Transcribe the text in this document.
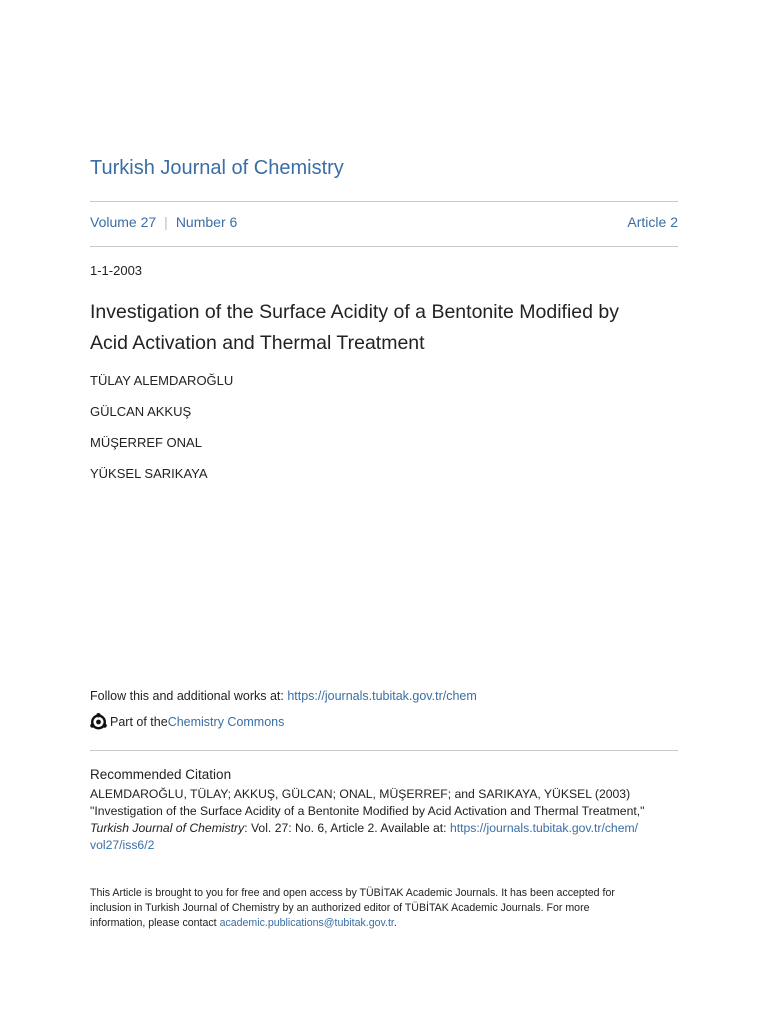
Turkish Journal of Chemistry
Volume 27 | Number 6	Article 2
1-1-2003
Investigation of the Surface Acidity of a Bentonite Modified by
Acid Activation and Thermal Treatment
TÜLAY ALEMDAROĞLU
GÜLCAN AKKUŞ
MÜŞERREF ONAL
YÜKSEL SARIKAYA
Follow this and additional works at: https://journals.tubitak.gov.tr/chem
Part of the Chemistry Commons
Recommended Citation
ALEMDAROĞLU, TÜLAY; AKKUŞ, GÜLCAN; ONAL, MÜŞERREF; and SARIKAYA, YÜKSEL (2003)
"Investigation of the Surface Acidity of a Bentonite Modified by Acid Activation and Thermal Treatment,"
Turkish Journal of Chemistry: Vol. 27: No. 6, Article 2. Available at: https://journals.tubitak.gov.tr/chem/
vol27/iss6/2
This Article is brought to you for free and open access by TÜBİTAK Academic Journals. It has been accepted for
inclusion in Turkish Journal of Chemistry by an authorized editor of TÜBİTAK Academic Journals. For more
information, please contact academic.publications@tubitak.gov.tr.
